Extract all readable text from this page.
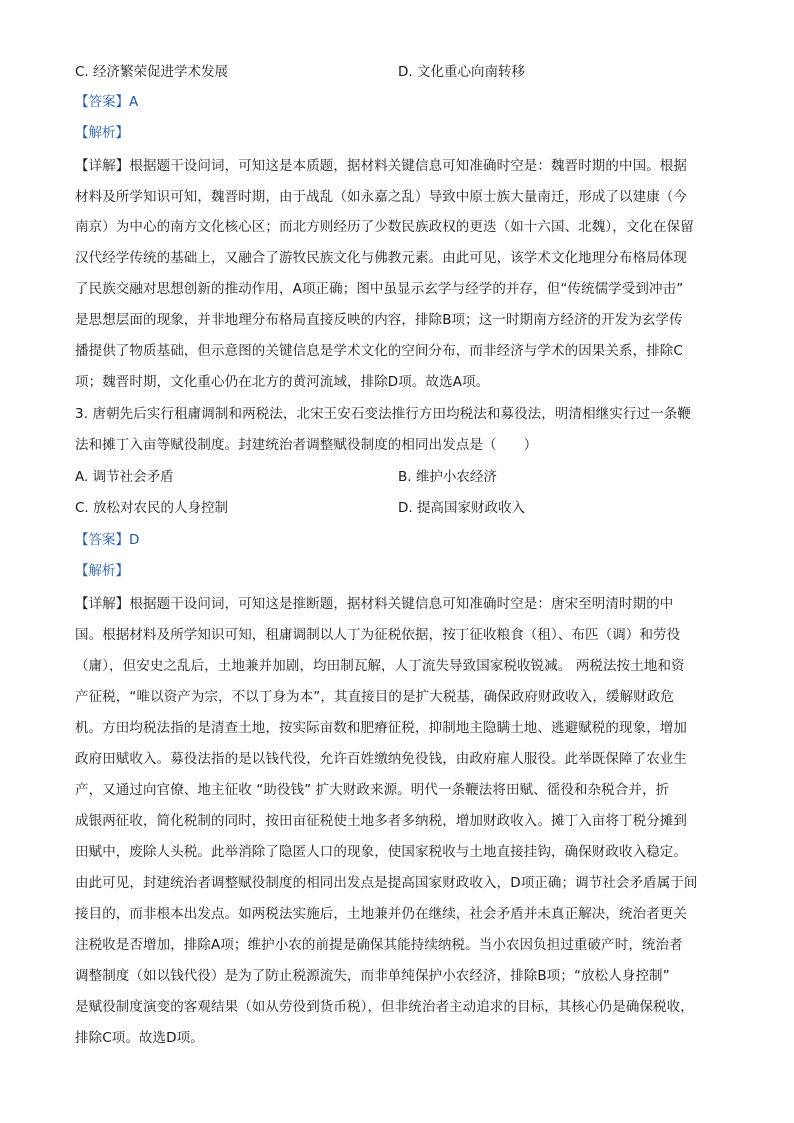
C. 经济繁荣促进学术发展	D. 文化重心向南转移
【答案】A
【解析】
【详解】根据题干设问词，可知这是本质题，据材料关键信息可知准确时空是：魏晋时期的中国。根据
材料及所学知识可知，魏晋时期，由于战乱（如永嘉之乱）导致中原士族大量南迁，形成了以建康（今
南京）为中心的南方文化核心区；而北方则经历了少数民族政权的更迭（如十六国、北魏），文化在保留
汉代经学传统的基础上，又融合了游牧民族文化与佛教元素。由此可见，该学术文化地理分布格局体现
了民族交融对思想创新的推动作用，A项正确；图中虽显示玄学与经学的并存，但“传统儒学受到冲击”
是思想层面的现象，并非地理分布格局直接反映的内容，排除B项；这一时期南方经济的开发为玄学传
播提供了物质基础，但示意图的关键信息是学术文化的空间分布，而非经济与学术的因果关系，排除C
项；魏晋时期，文化重心仍在北方的黄河流域，排除D项。故选A项。
3. 唐朝先后实行租庸调制和两税法，北宋王安石变法推行方田均税法和募役法，明清相继实行过一条鞭
法和摊丁入亩等赋役制度。封建统治者调整赋役制度的相同出发点是（　　）
A. 调节社会矛盾	B. 维护小农经济
C. 放松对农民的人身控制	D. 提高国家财政收入
【答案】D
【解析】
【详解】根据题干设问词，可知这是推断题，据材料关键信息可知准确时空是：唐宋至明清时期的中
国。根据材料及所学知识可知，租庸调制以人丁为征税依据，按丁征收粮食（租）、布匹（调）和劳役
（庸），但安史之乱后，土地兼并加剧，均田制瓦解，人丁流失导致国家税收锐减。 两税法按土地和资
产征税，“唯以资产为宗，不以丁身为本”，其直接目的是扩大税基，确保政府财政收入，缓解财政危
机。方田均税法指的是清查土地，按实际亩数和肥瘠征税，抑制地主隐瞒土地、逃避赋税的现象，增加
政府田赋收入。募役法指的是以钱代役，允许百姓缴纳免役钱，由政府雇人服役。此举既保障了农业生
产，又通过向官僚、地主征收 “助役钱” 扩大财政来源。明代一条鞭法将田赋、徭役和杂税合并，折
成银两征收，简化税制的同时，按田亩征税使土地多者多纳税，增加财政收入。摊丁入亩将丁税分摊到
田赋中，废除人头税。此举消除了隐匿人口的现象，使国家税收与土地直接挂钩，确保财政收入稳定。
由此可见，封建统治者调整赋役制度的相同出发点是提高国家财政收入，D项正确；调节社会矛盾属于间
接目的，而非根本出发点。如两税法实施后，土地兼并仍在继续，社会矛盾并未真正解决，统治者更关
注税收是否增加，排除A项；维护小农的前提是确保其能持续纳税。当小农因负担过重破产时，统治者
调整制度（如以钱代役）是为了防止税源流失，而非单纯保护小农经济，排除B项；“放松人身控制”
是赋役制度演变的客观结果（如从劳役到货币税），但非统治者主动追求的目标，其核心仍是确保税收，
排除C项。故选D项。
